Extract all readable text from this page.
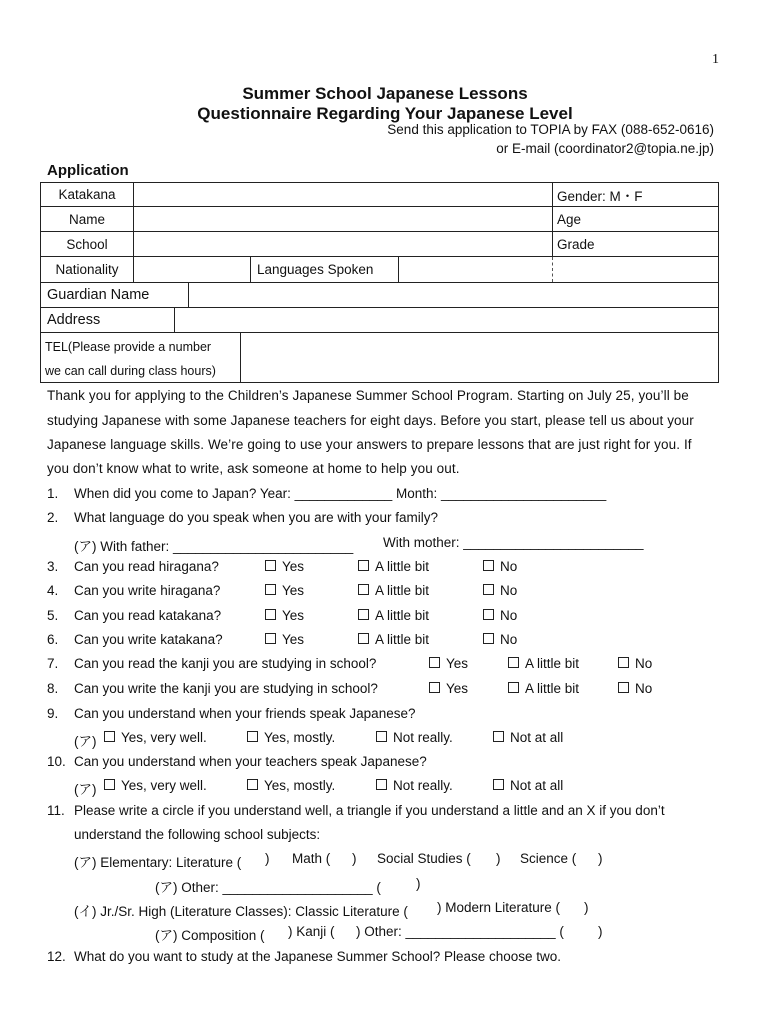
1
Summer School Japanese Lessons
Questionnaire Regarding Your Japanese Level
Send this application to TOPIA by FAX (088-652-0616)
or E-mail (coordinator2@topia.ne.jp)
Application
Katakana	Gender: M・F
Name	Age
School	Grade
Nationality	Languages Spoken
Guardian Name
Address
TEL(Please provide a number
we can call during class hours)
Thank you for applying to the Children’s Japanese Summer School Program. Starting on July 25, you’ll be
studying Japanese with some Japanese teachers for eight days. Before you start, please tell us about your
Japanese language skills. We’re going to use your answers to prepare lessons that are just right for you. If
you don’t know what to write, ask someone at home to help you out.
1. When did you come to Japan? Year: _____________ Month: ______________________
2. What language do you speak when you are with your family?
(ア) With father: ________________________ With mother: ________________________
3. Can you read hiragana?	Yes	A little bit	No
4. Can you write hiragana?	Yes	A little bit	No
5. Can you read katakana?	Yes	A little bit	No
6. Can you write katakana?	Yes	A little bit	No
7. Can you read the kanji you are studying in school?	Yes	A little bit	No
8. Can you write the kanji you are studying in school?	Yes	A little bit	No
9. Can you understand when your friends speak Japanese?
(ア)	Yes, very well.	Yes, mostly.	Not really.	Not at all
10. Can you understand when your teachers speak Japanese?
(ア)	Yes, very well.	Yes, mostly.	Not really.	Not at all
11. Please write a circle if you understand well, a triangle if you understand a little and an X if you don’t
understand the following school subjects:
(ア) Elementary: Literature ( ) Math ( ) Social Studies ( ) Science ( )
(ア) Other: ____________________ (	)
(イ) Jr./Sr. High (Literature Classes): Classic Literature ( ) Modern Literature ( )
(ア) Composition ( ) Kanji ( ) Other: ____________________ (	)
12. What do you want to study at the Japanese Summer School? Please choose two.
